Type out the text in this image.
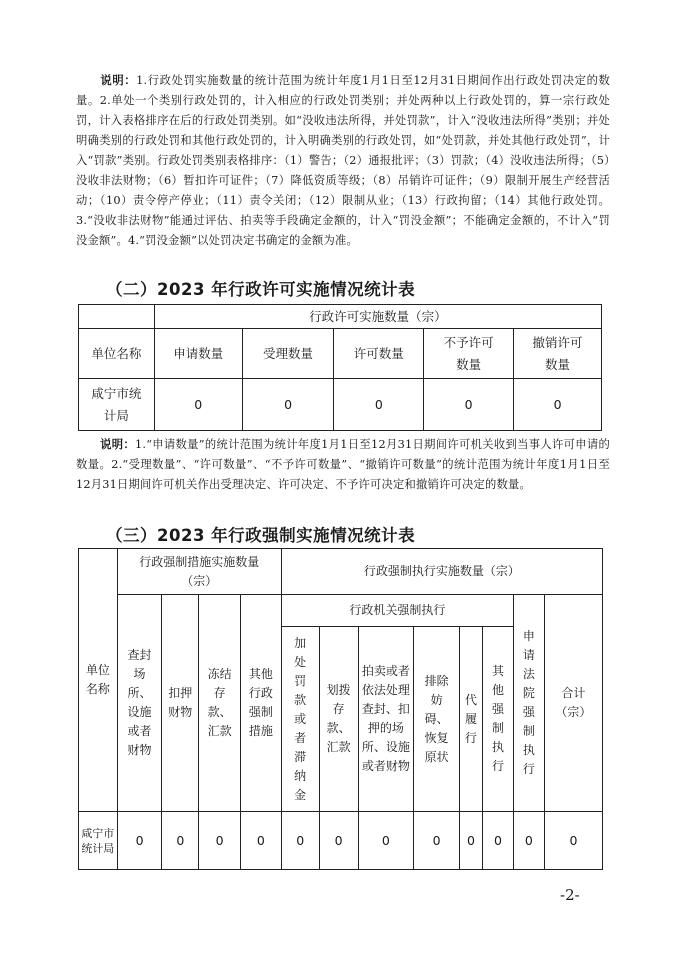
说明：1.行政处罚实施数量的统计范围为统计年度1月1日至12月31日期间作出行政处罚决定的数量。2.单处一个类别行政处罚的，计入相应的行政处罚类别；并处两种以上行政处罚的，算一宗行政处罚，计入表格排序在后的行政处罚类别。如“没收违法所得，并处罚款”，计入“没收违法所得”类别；并处明确类别的行政处罚和其他行政处罚的，计入明确类别的行政处罚，如“处罚款，并处其他行政处罚”，计入“罚款”类别。行政处罚类别表格排序：（1）警告；（2）通报批评；（3）罚款；（4）没收违法所得；（5）没收非法财物；（6）暂扣许可证件；（7）降低资质等级；（8）吊销许可证件；（9）限制开展生产经营活动；（10）责令停产停业；（11）责令关闭；（12）限制从业；（13）行政拘留；（14）其他行政处罚。3.“没收非法财物”能通过评估、拍卖等手段确定金额的，计入“罚没金额”；不能确定金额的，不计入“罚没金额”。4.“罚没金额”以处罚决定书确定的金额为准。
（二）2023 年行政许可实施情况统计表
	行政许可实施数量（宗）				
单位名称	申请数量	受理数量	许可数量	不予许可数量	撤销许可数量
咸宁市统计局	0	0	0	0	0
说明：1.“申请数量”的统计范围为统计年度1月1日至12月31日期间许可机关收到当事人许可申请的数量。2.“受理数量”、“许可数量”、“不予许可数量”、“撤销许可数量”的统计范围为统计年度1月1日至12月31日期间许可机关作出受理决定、许可决定、不予许可决定和撤销许可决定的数量。
（三）2023 年行政强制实施情况统计表
单位名称	行政强制措施实施数量（宗）				行政强制执行实施数量（宗）							
	查封场所、设施或者财物	扣押财物	冻结存款、汇款	其他行政强制措施	行政机关强制执行						申请法院强制执行	合计（宗）
					加处罚款或者滞纳金	划拨存款、汇款	拍卖或者依法处理查封、扣押的场所、设施或者财物	排除妨碍、恢复原状	代履行	其他强制执行		
咸宁市统计局	0	0	0	0	0	0	0	0	0	0	0	0
-2-
